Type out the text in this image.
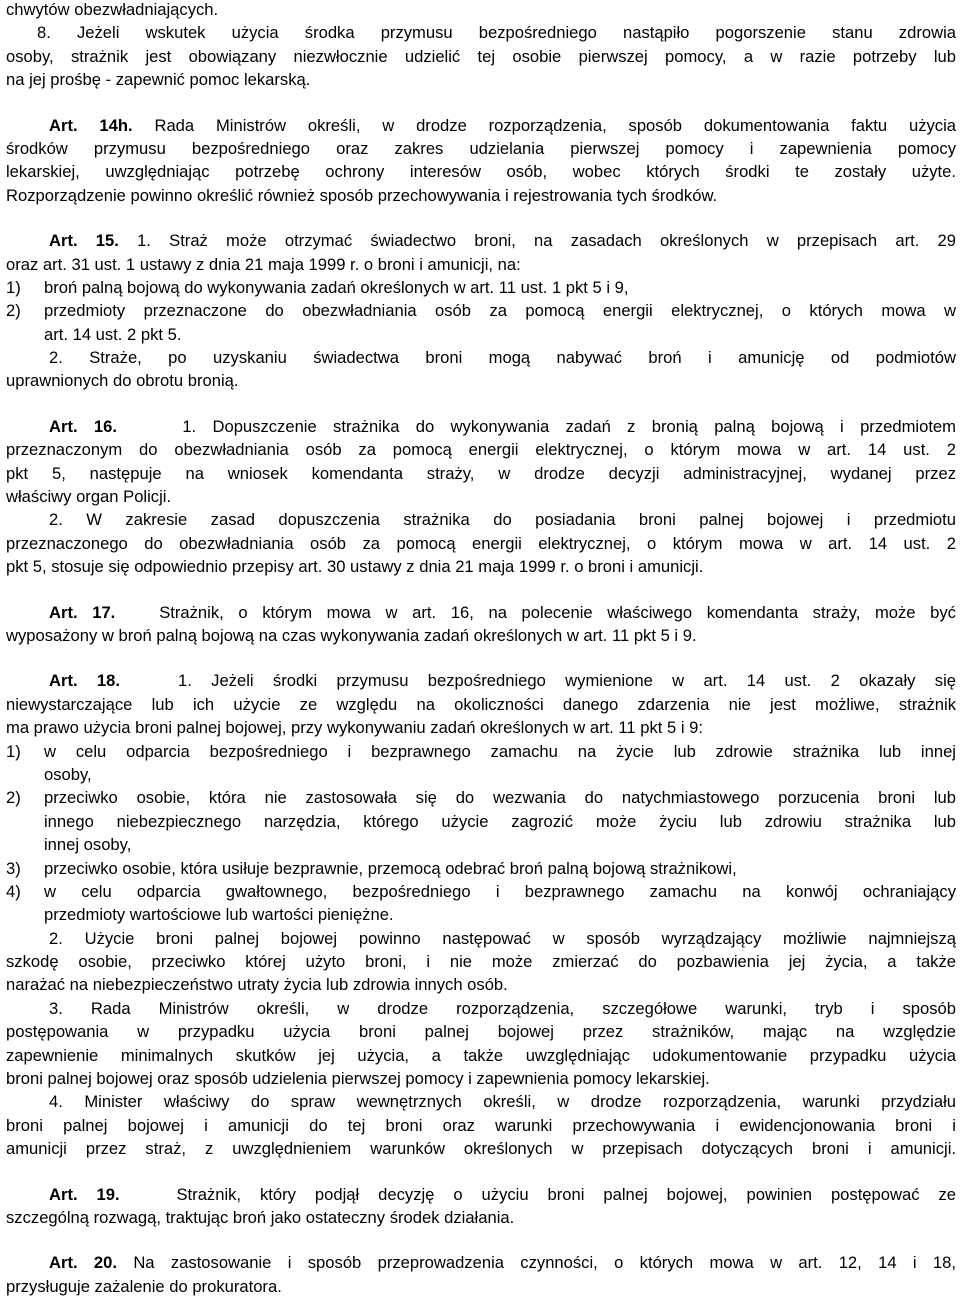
chwytów obezwładniających.
8. Jeżeli wskutek użycia środka przymusu bezpośredniego nastąpiło pogorszenie stanu zdrowia
osoby, strażnik jest obowiązany niezwłocznie udzielić tej osobie pierwszej pomocy, a w razie potrzeby lub
na jej prośbę - zapewnić pomoc lekarską.
Art. 14h. Rada Ministrów określi, w drodze rozporządzenia, sposób dokumentowania faktu użycia
środków przymusu bezpośredniego oraz zakres udzielania pierwszej pomocy i zapewnienia pomocy
lekarskiej, uwzględniając potrzebę ochrony interesów osób, wobec których środki te zostały użyte.
Rozporządzenie powinno określić również sposób przechowywania i rejestrowania tych środków.
Art. 15. 1. Straż może otrzymać świadectwo broni, na zasadach określonych w przepisach art. 29
oraz art. 31 ust. 1 ustawy z dnia 21 maja 1999 r. o broni i amunicji, na:
1) broń palną bojową do wykonywania zadań określonych w art. 11 ust. 1 pkt 5 i 9,
2) przedmioty przeznaczone do obezwładniania osób za pomocą energii elektrycznej, o których mowa w
art. 14 ust. 2 pkt 5.
2. Straże, po uzyskaniu świadectwa broni mogą nabywać broń i amunicję od podmiotów
uprawnionych do obrotu bronią.
Art. 16.	1. Dopuszczenie strażnika do wykonywania zadań z bronią palną bojową i przedmiotem
przeznaczonym do obezwładniania osób za pomocą energii elektrycznej, o którym mowa w art. 14 ust. 2
pkt 5, następuje na wniosek komendanta straży, w drodze decyzji administracyjnej, wydanej przez
właściwy organ Policji.
2. W zakresie zasad dopuszczenia strażnika do posiadania broni palnej bojowej i przedmiotu
przeznaczonego do obezwładniania osób za pomocą energii elektrycznej, o którym mowa w art. 14 ust. 2
pkt 5, stosuje się odpowiednio przepisy art. 30 ustawy z dnia 21 maja 1999 r. o broni i amunicji.
Art. 17.	Strażnik, o którym mowa w art. 16, na polecenie właściwego komendanta straży, może być
wyposażony w broń palną bojową na czas wykonywania zadań określonych w art. 11 pkt 5 i 9.
Art. 18.	1. Jeżeli środki przymusu bezpośredniego wymienione w art. 14 ust. 2 okazały się
niewystarczające lub ich użycie ze względu na okoliczności danego zdarzenia nie jest możliwe, strażnik
ma prawo użycia broni palnej bojowej, przy wykonywaniu zadań określonych w art. 11 pkt 5 i 9:
1) w celu odparcia bezpośredniego i bezprawnego zamachu na życie lub zdrowie strażnika lub innej
osoby,
2) przeciwko osobie, która nie zastosowała się do wezwania do natychmiastowego porzucenia broni lub
innego niebezpiecznego narzędzia, którego użycie zagrozić może życiu lub zdrowiu strażnika lub
innej osoby,
3) przeciwko osobie, która usiłuje bezprawnie, przemocą odebrać broń palną bojową strażnikowi,
4) w celu odparcia gwałtownego, bezpośredniego i bezprawnego zamachu na konwój ochraniający
przedmioty wartościowe lub wartości pieniężne.
2. Użycie broni palnej bojowej powinno następować w sposób wyrządzający możliwie najmniejszą
szkodę osobie, przeciwko której użyto broni, i nie może zmierzać do pozbawienia jej życia, a także
narażać na niebezpieczeństwo utraty życia lub zdrowia innych osób.
3. Rada Ministrów określi, w drodze rozporządzenia, szczegółowe warunki, tryb i sposób
postępowania w przypadku użycia broni palnej bojowej przez strażników, mając na względzie
zapewnienie minimalnych skutków jej użycia, a także uwzględniając udokumentowanie przypadku użycia
broni palnej bojowej oraz sposób udzielenia pierwszej pomocy i zapewnienia pomocy lekarskiej.
4. Minister właściwy do spraw wewnętrznych określi, w drodze rozporządzenia, warunki przydziału
broni palnej bojowej i amunicji do tej broni oraz warunki przechowywania i ewidencjonowania broni i
amunicji przez straż, z uwzględnieniem warunków określonych w przepisach dotyczących broni i amunicji.
Art. 19.	Strażnik, który podjął decyzję o użyciu broni palnej bojowej, powinien postępować ze
szczególną rozwagą, traktując broń jako ostateczny środek działania.
Art. 20. Na zastosowanie i sposób przeprowadzenia czynności, o których mowa w art. 12, 14 i 18,
przysługuje zażalenie do prokuratora.
